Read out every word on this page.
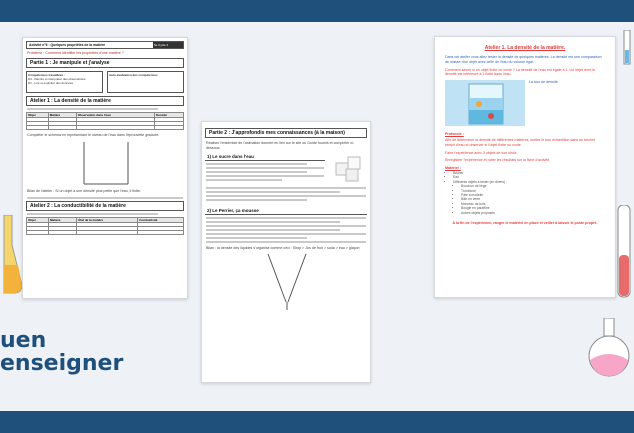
Activité n°6 : Quelques propriétés de la matière	5e Cycle 4
Problème : Comment identifier les propriétés d'une matière ?
Partie 1 : Je manipule et j'analyse
Compétences travaillées :
D4 - Décrire et interpréter des observations
D1 - Lire et exploiter des données
Auto-évaluation des compétences
Atelier 1 : La densité de la matière
Objet	Matière	Observation dans l'eau	Densité

Compléter le schéma en représentant le niveau de l'eau dans l'éprouvette graduée.
Bilan de l'atelier : Si un objet a une densité plus petite que l'eau, il flotte.
Atelier 2 : La conductibilité de la matière
Objet	Matière	État de la matière	Conductivité

Partie 2 : J'approfondis mes connaissances (à la maison)
Réaliser l'ensemble de l'animation donnée en lien sur le site ou Guide fournis et compléter ci-dessous.
1) Le sucre dans l'eau
2) Le Perrier, ça mousse
Bilan : la densité des liquides s'organise comme ceci : Sirop > Jus de fruit > soda > eau > glaçon
Atelier 1. La densité de la matière.
Dans cet atelier vous allez tester la densité de quelques matières. La densité est une comparaison de masse d'un objet avec celle de l'eau du volume égal.
Comment savoir si un objet flotte ou coule ? La densité de l'eau est égale à 1. Un objet dont la densité est inférieure à 1 flotte dans l'eau.
La tour de densité
Protocole :
Afin de déterminer la densité de différentes matières, mettre le bon échantillon dans un bécher rempli d'eau et observer si l'objet flotte ou coule.
Faire l'expérience avec 3 objets de son choix.
Enregistrer l'expérience et noter les résultats sur la fiche d'activité.
Matériel :
• Bécher
• Eau
• Différents objets à tester (en divers) :
• Bouchon de liège
• Trombone
• Pâte à modeler
• Bille en verre
• Morceau de bois
• Bougie en paraffine
• Autres objets proposés
À la fin de l'expérience, ranger le matériel en place et veiller à laisser le poste propre.
uen
enseigner
